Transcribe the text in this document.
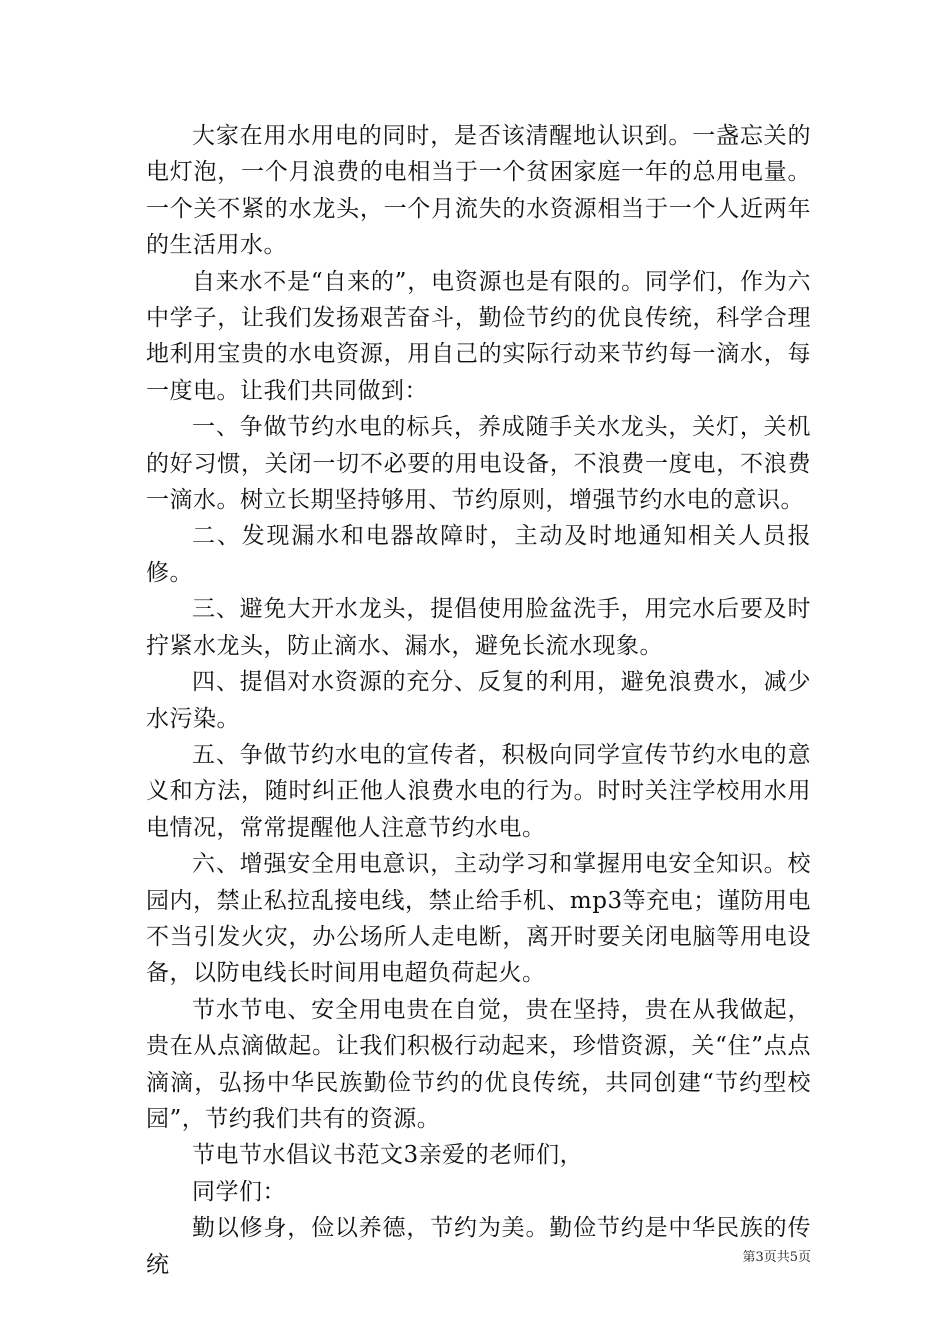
大家在用水用电的同时，是否该清醒地认识到。一盏忘关的电灯泡，一个月浪费的电相当于一个贫困家庭一年的总用电量。一个关不紧的水龙头，一个月流失的水资源相当于一个人近两年的生活用水。

自来水不是“自来的”，电资源也是有限的。同学们，作为六中学子，让我们发扬艰苦奋斗，勤俭节约的优良传统，科学合理地利用宝贵的水电资源，用自己的实际行动来节约每一滴水，每一度电。让我们共同做到：

一、争做节约水电的标兵，养成随手关水龙头，关灯，关机的好习惯，关闭一切不必要的用电设备，不浪费一度电，不浪费一滴水。树立长期坚持够用、节约原则，增强节约水电的意识。

二、发现漏水和电器故障时，主动及时地通知相关人员报修。

三、避免大开水龙头，提倡使用脸盆洗手，用完水后要及时拧紧水龙头，防止滴水、漏水，避免长流水现象。

四、提倡对水资源的充分、反复的利用，避免浪费水，减少水污染。

五、争做节约水电的宣传者，积极向同学宣传节约水电的意义和方法，随时纠正他人浪费水电的行为。时时关注学校用水用电情况，常常提醒他人注意节约水电。

六、增强安全用电意识，主动学习和掌握用电安全知识。校园内，禁止私拉乱接电线，禁止给手机、mp3等充电；谨防用电不当引发火灾，办公场所人走电断，离开时要关闭电脑等用电设备，以防电线长时间用电超负荷起火。

节水节电、安全用电贵在自觉，贵在坚持，贵在从我做起，贵在从点滴做起。让我们积极行动起来，珍惜资源，关“住”点点滴滴，弘扬中华民族勤俭节约的优良传统，共同创建“节约型校园”，节约我们共有的资源。

节电节水倡议书范文3亲爱的老师们，

同学们：

勤以修身，俭以养德，节约为美。勤俭节约是中华民族的传统	第3页共5页
